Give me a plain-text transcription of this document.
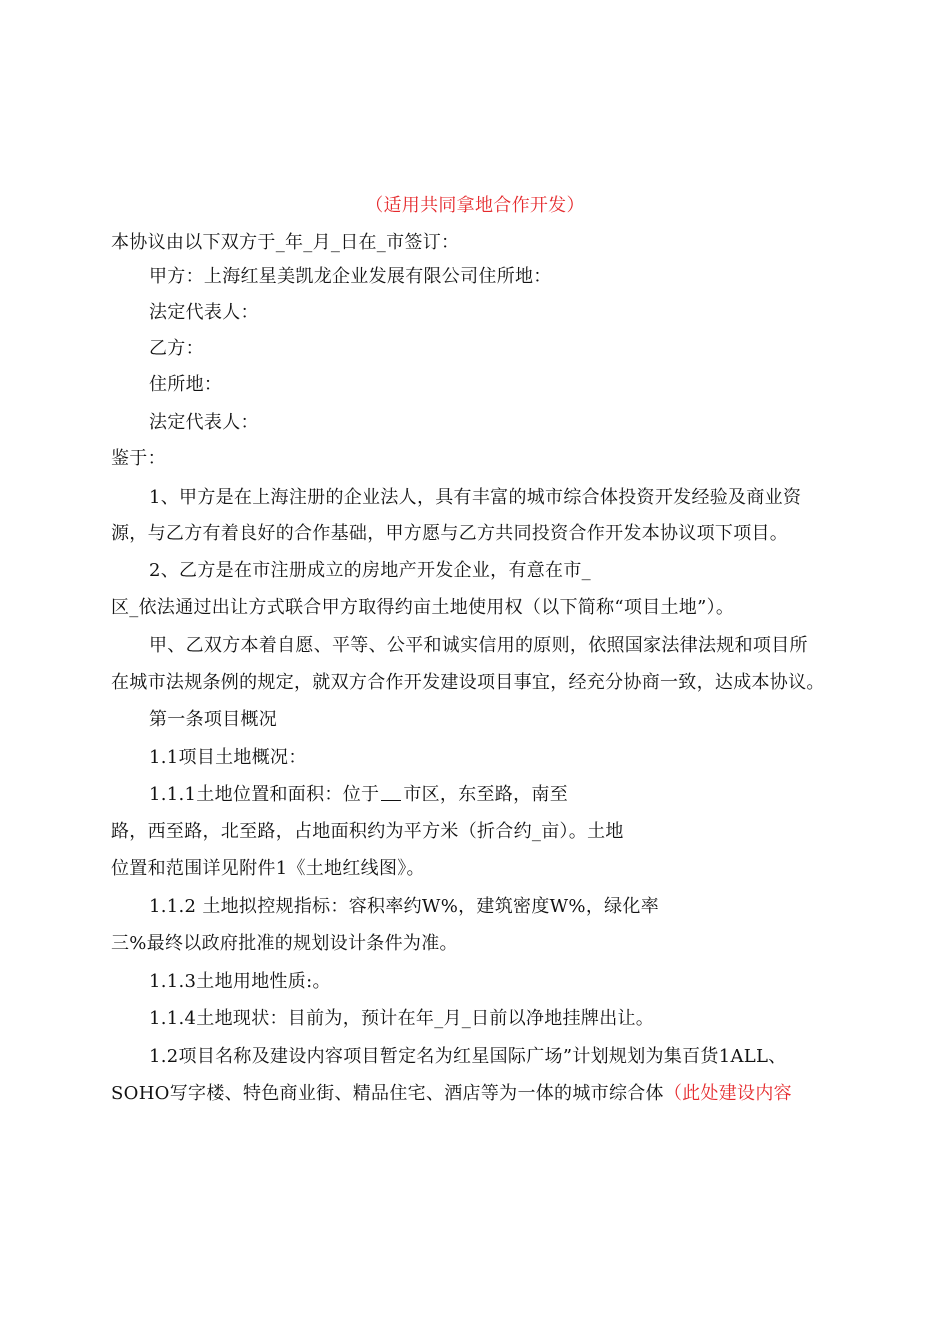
（适用共同拿地合作开发）
本协议由以下双方于_年_月_日在_市签订：
甲方：上海红星美凯龙企业发展有限公司住所地：
法定代表人：
乙方：
住所地：
法定代表人：
鉴于：
1、甲方是在上海注册的企业法人，具有丰富的城市综合体投资开发经验及商业资
源，与乙方有着良好的合作基础，甲方愿与乙方共同投资合作开发本协议项下项目。
2、乙方是在市注册成立的房地产开发企业，有意在市_
区_依法通过出让方式联合甲方取得约亩土地使用权（以下简称“项目土地”）。
甲、乙双方本着自愿、平等、公平和诚实信用的原则，依照国家法律法规和项目所
在城市法规条例的规定，就双方合作开发建设项目事宜，经充分协商一致，达成本协议。
第一条项目概况
1.1项目土地概况：
1.1.1土地位置和面积：位于 市区，东至路，南至
路，西至路，北至路，占地面积约为平方米（折合约_亩）。土地
位置和范围详见附件1《土地红线图》。
1.1.2 土地拟控规指标：容积率约W%，建筑密度W%，绿化率
三%最终以政府批准的规划设计条件为准。
1.1.3土地用地性质:。
1.1.4土地现状：目前为，预计在年_月_日前以净地挂牌出让。
1.2项目名称及建设内容项目暂定名为红星国际广场”计划规划为集百货1ALL、
SOHO写字楼、特色商业街、精品住宅、酒店等为一体的城市综合体（此处建设内容
